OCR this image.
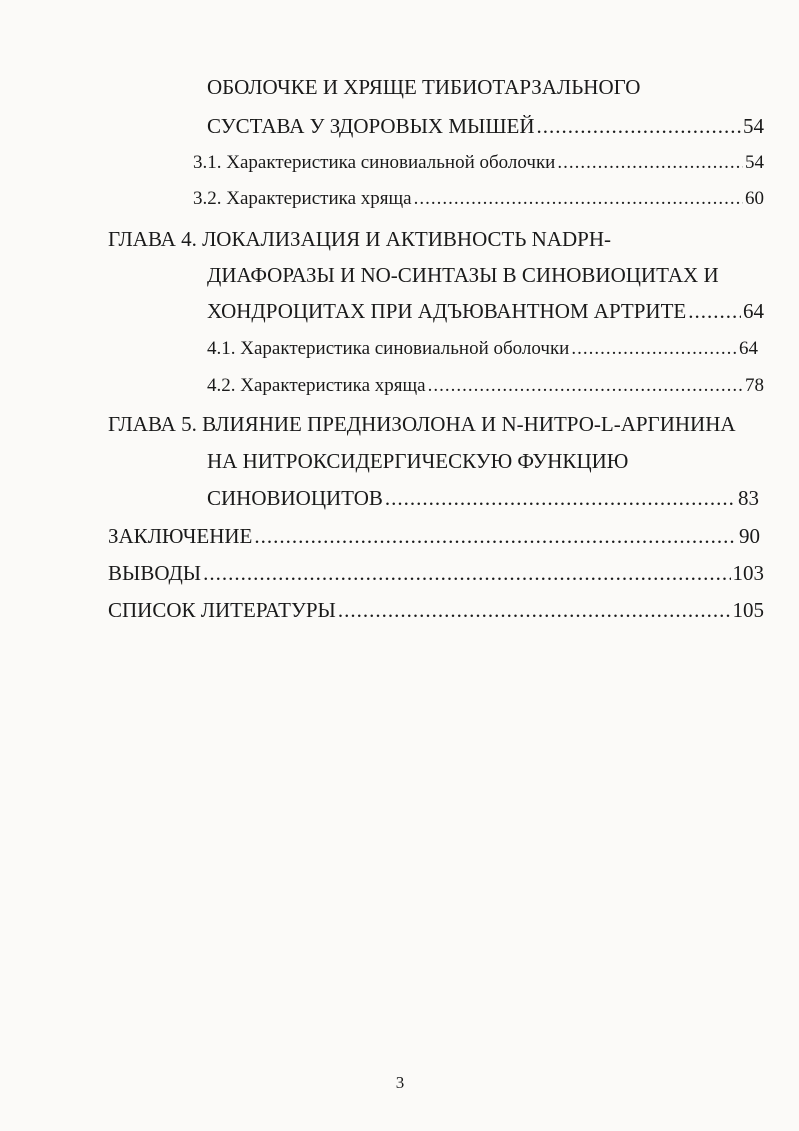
ОБОЛОЧКЕ И ХРЯЩЕ ТИБИОТАРЗАЛЬНОГО
СУСТАВА У ЗДОРОВЫХ МЫШЕЙ .....	54
3.1. Характеристика синовиальной оболочки .....	54
3.2. Характеристика хряща .....	60
ГЛАВА 4. ЛОКАЛИЗАЦИЯ И АКТИВНОСТЬ NADPH-
ДИАФОРАЗЫ И NO-СИНТАЗЫ В СИНОВИОЦИТАХ И
ХОНДРОЦИТАХ ПРИ АДЪЮВАНТНОМ АРТРИТЕ .....	64
4.1. Характеристика синовиальной оболочки .....	64
4.2. Характеристика хряща .....	78
ГЛАВА 5. ВЛИЯНИЕ ПРЕДНИЗОЛОНА И N-НИТРО-L-АРГИНИНА
НА НИТРОКСИДЕРГИЧЕСКУЮ ФУНКЦИЮ
СИНОВИОЦИТОВ .....	83
ЗАКЛЮЧЕНИЕ .....	90
ВЫВОДЫ .....	103
СПИСОК ЛИТЕРАТУРЫ .....	105
3
